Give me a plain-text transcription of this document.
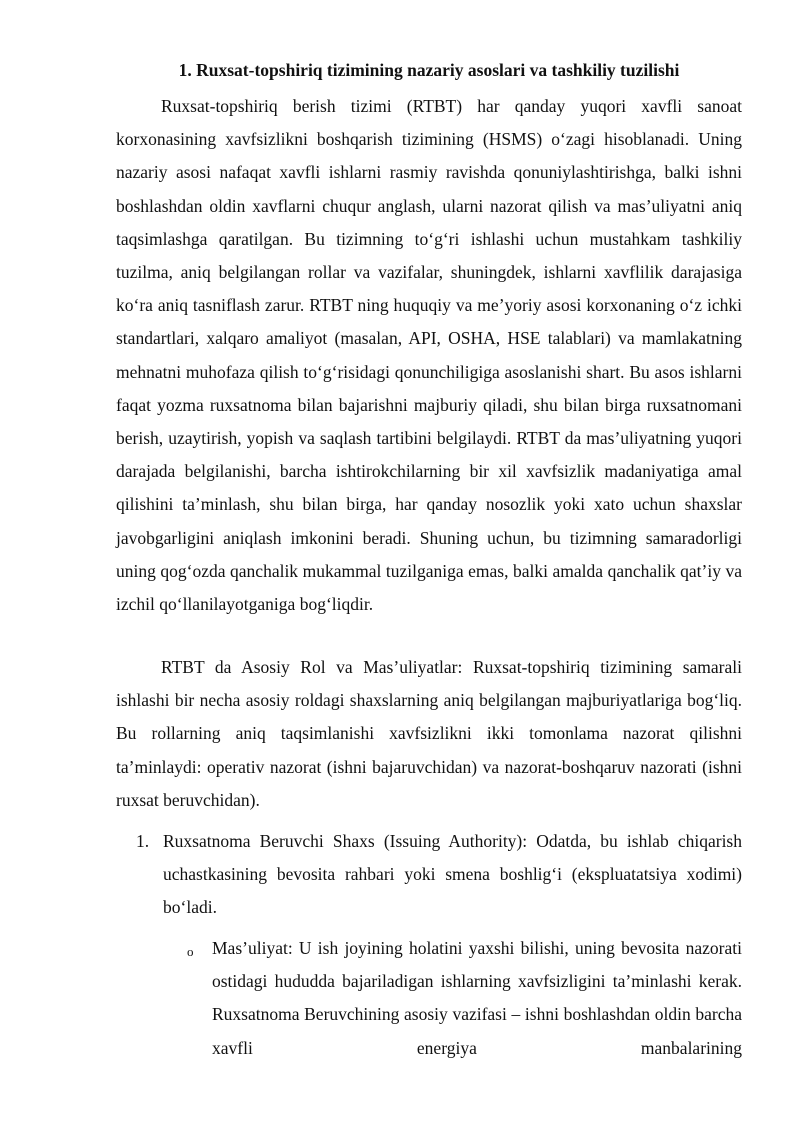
1. Ruxsat-topshiriq tizimining nazariy asoslari va tashkiliy tuzilishi

Ruxsat-topshiriq berish tizimi (RTBT) har qanday yuqori xavfli sanoat korxonasining xavfsizlikni boshqarish tizimining (HSMS) o‘zagi hisoblanadi. Uning nazariy asosi nafaqat xavfli ishlarni rasmiy ravishda qonuniylashtirishga, balki ishni boshlashdan oldin xavflarni chuqur anglash, ularni nazorat qilish va mas’uliyatni aniq taqsimlashga qaratilgan. Bu tizimning to‘g‘ri ishlashi uchun mustahkam tashkiliy tuzilma, aniq belgilangan rollar va vazifalar, shuningdek, ishlarni xavflilik darajasiga ko‘ra aniq tasniflash zarur. RTBT ning huquqiy va me’yoriy asosi korxonaning o‘z ichki standartlari, xalqaro amaliyot (masalan, API, OSHA, HSE talablari) va mamlakatning mehnatni muhofaza qilish to‘g‘risidagi qonunchiligiga asoslanishi shart. Bu asos ishlarni faqat yozma ruxsatnoma bilan bajarishni majburiy qiladi, shu bilan birga ruxsatnomani berish, uzaytirish, yopish va saqlash tartibini belgilaydi. RTBT da mas’uliyatning yuqori darajada belgilanishi, barcha ishtirokchilarning bir xil xavfsizlik madaniyatiga amal qilishini ta’minlash, shu bilan birga, har qanday nosozlik yoki xato uchun shaxslar javobgarligini aniqlash imkonini beradi. Shuning uchun, bu tizimning samaradorligi uning qog‘ozda qanchalik mukammal tuzilganiga emas, balki amalda qanchalik qat’iy va izchil qo‘llanilayotganiga bog‘liqdir.

RTBT da Asosiy Rol va Mas’uliyatlar: Ruxsat-topshiriq tizimining samarali ishlashi bir necha asosiy roldagi shaxslarning aniq belgilangan majburiyatlariga bog‘liq. Bu rollarning aniq taqsimlanishi xavfsizlikni ikki tomonlama nazorat qilishni ta’minlaydi: operativ nazorat (ishni bajaruvchidan) va nazorat-boshqaruv nazorati (ishni ruxsat beruvchidan).

1. Ruxsatnoma Beruvchi Shaxs (Issuing Authority): Odatda, bu ishlab chiqarish uchastkasining bevosita rahbari yoki smena boshlig‘i (ekspluatatsiya xodimi) bo‘ladi.
o Mas’uliyat: U ish joyining holatini yaxshi bilishi, uning bevosita nazorati ostidagi hududda bajariladigan ishlarning xavfsizligini ta’minlashi kerak. Ruxsatnoma Beruvchining asosiy vazifasi – ishni boshlashdan oldin barcha xavfli energiya manbalarining
